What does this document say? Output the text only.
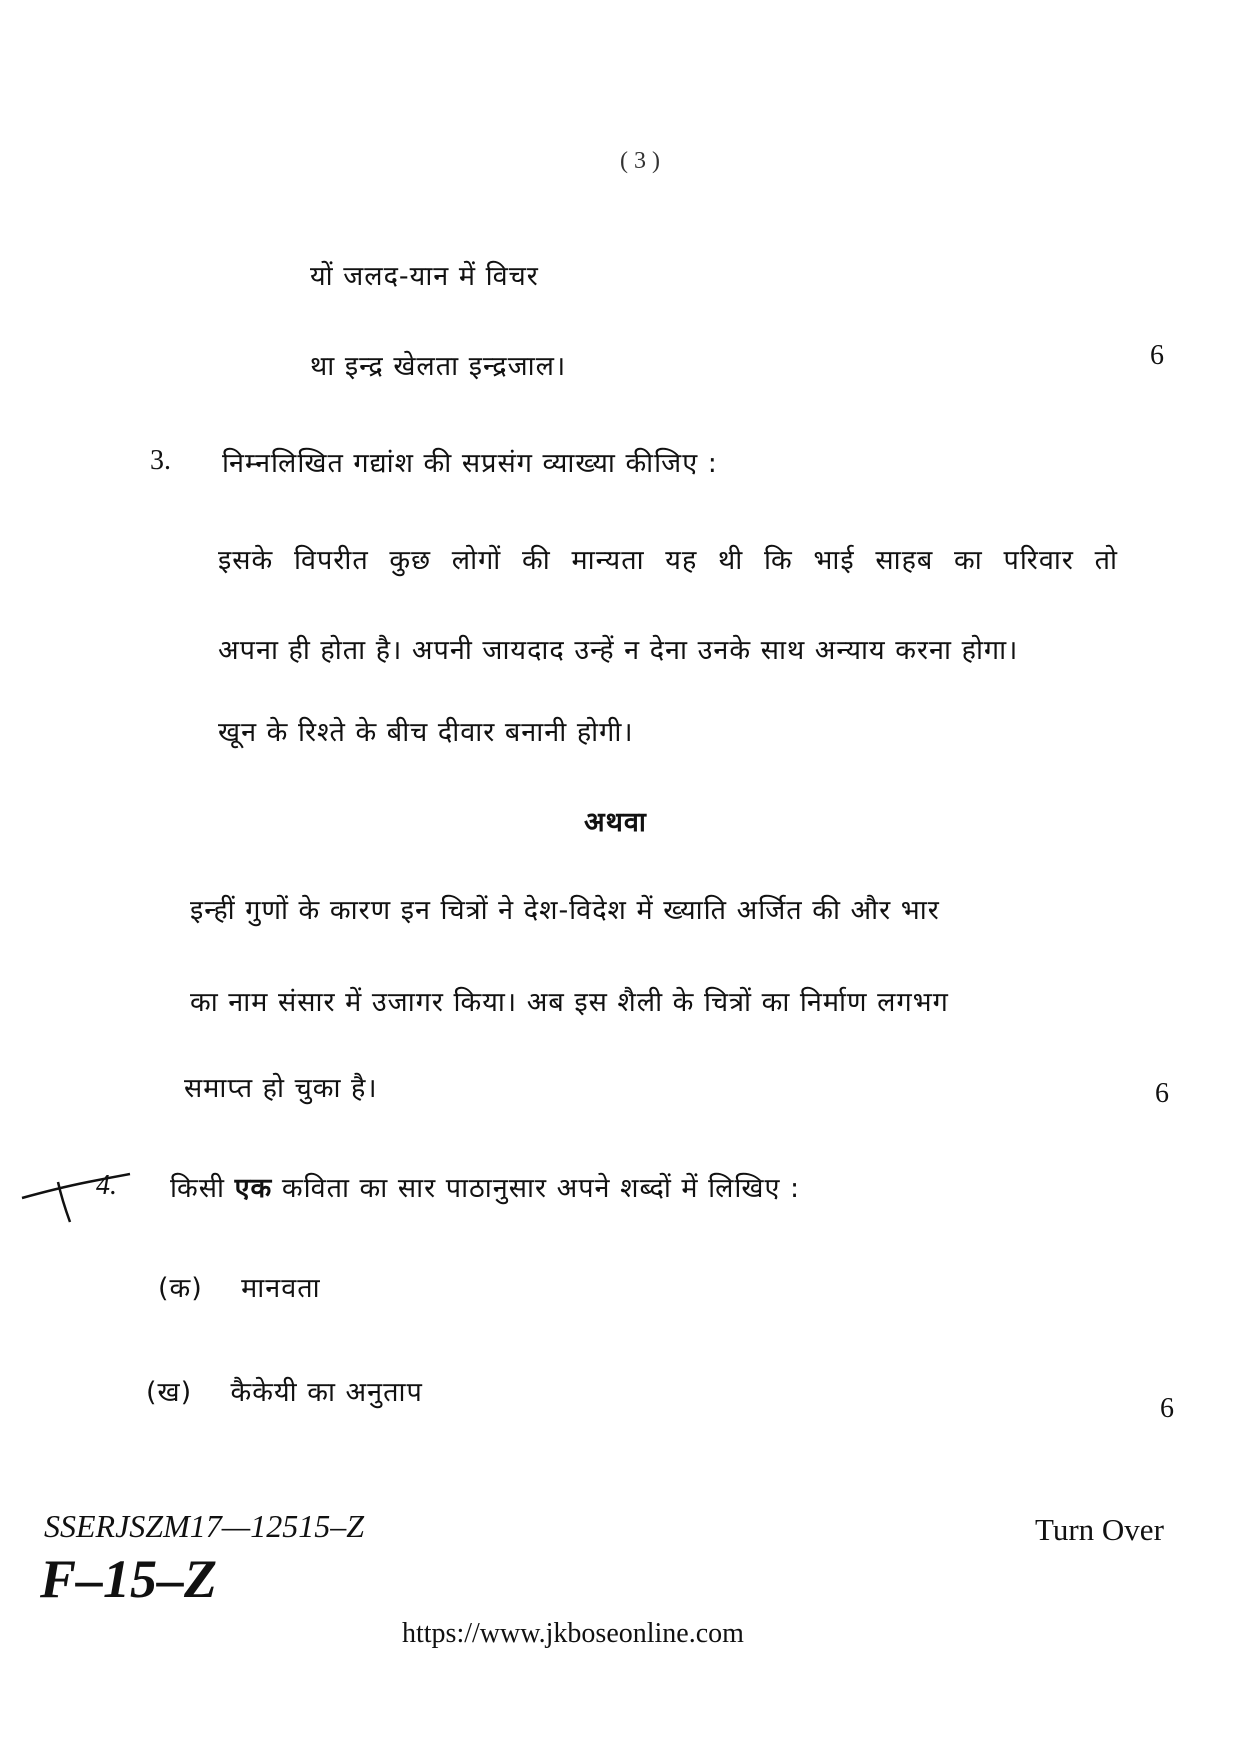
( 3 )
यों जलद-यान में विचर
था इन्द्र खेलता इन्द्रजाल।	6
3. निम्नलिखित गद्यांश की सप्रसंग व्याख्या कीजिए :
इसके विपरीत कुछ लोगों की मान्यता यह थी कि भाई साहब का परिवार तो
अपना ही होता है। अपनी जायदाद उन्हें न देना उनके साथ अन्याय करना होगा।
खून के रिश्ते के बीच दीवार बनानी होगी।
अथवा
इन्हीं गुणों के कारण इन चित्रों ने देश-विदेश में ख्याति अर्जित की और भार
का नाम संसार में उजागर किया। अब इस शैली के चित्रों का निर्माण लगभग
समाप्त हो चुका है।	6
4. किसी एक कविता का सार पाठानुसार अपने शब्दों में लिखिए :
(क) मानवता
(ख) कैकेयी का अनुताप
6
SSERJSZM17—12515–Z
F–15–Z
Turn Over
https://www.jkboseonline.com
